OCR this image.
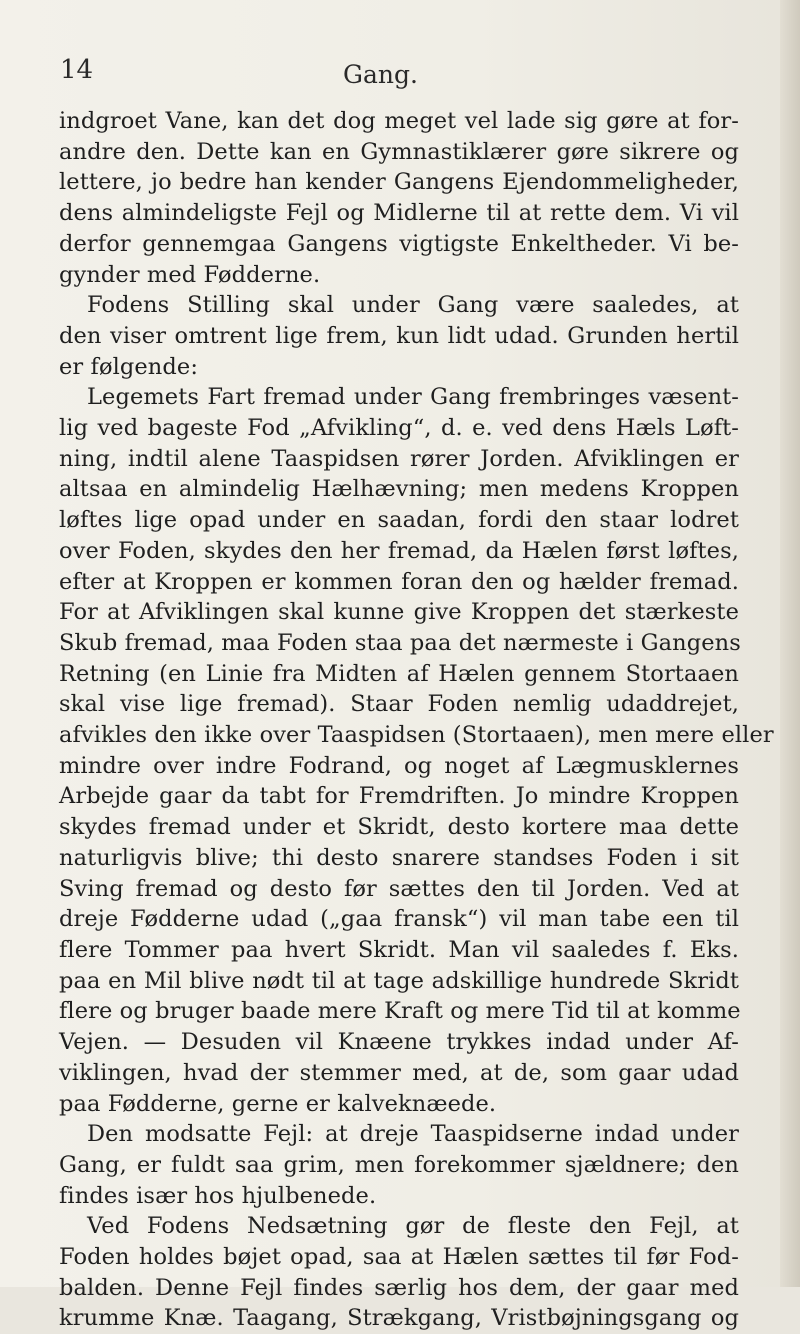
14	Gang.
indgroet Vane, kan det dog meget vel lade sig gøre at for-
andre den. Dette kan en Gymnastiklærer gøre sikrere og
lettere, jo bedre han kender Gangens Ejendommeligheder,
dens almindeligste Fejl og Midlerne til at rette dem. Vi vil
derfor gennemgaa Gangens vigtigste Enkeltheder. Vi be-
gynder med Fødderne.
Fodens Stilling skal under Gang være saaledes, at
den viser omtrent lige frem, kun lidt udad. Grunden hertil
er følgende:
Legemets Fart fremad under Gang frembringes væsent-
lig ved bageste Fod „Afvikling“, d. e. ved dens Hæls Løft-
ning, indtil alene Taaspidsen rører Jorden. Afviklingen er
altsaa en almindelig Hælhævning; men medens Kroppen
løftes lige opad under en saadan, fordi den staar lodret
over Foden, skydes den her fremad, da Hælen først løftes,
efter at Kroppen er kommen foran den og hælder fremad.
For at Afviklingen skal kunne give Kroppen det stærkeste
Skub fremad, maa Foden staa paa det nærmeste i Gangens
Retning (en Linie fra Midten af Hælen gennem Stortaaen
skal vise lige fremad). Staar Foden nemlig udaddrejet,
afvikles den ikke over Taaspidsen (Stortaaen), men mere eller
mindre over indre Fodrand, og noget af Lægmusklernes
Arbejde gaar da tabt for Fremdriften. Jo mindre Kroppen
skydes fremad under et Skridt, desto kortere maa dette
naturligvis blive; thi desto snarere standses Foden i sit
Sving fremad og desto før sættes den til Jorden. Ved at
dreje Fødderne udad („gaa fransk“) vil man tabe een til
flere Tommer paa hvert Skridt. Man vil saaledes f. Eks.
paa en Mil blive nødt til at tage adskillige hundrede Skridt
flere og bruger baade mere Kraft og mere Tid til at komme
Vejen. — Desuden vil Knæene trykkes indad under Af-
viklingen, hvad der stemmer med, at de, som gaar udad
paa Fødderne, gerne er kalveknæede.
Den modsatte Fejl: at dreje Taaspidserne indad under
Gang, er fuldt saa grim, men forekommer sjældnere; den
findes især hos hjulbenede.
Ved Fodens Nedsætning gør de fleste den Fejl, at
Foden holdes bøjet opad, saa at Hælen sættes til før Fod-
balden. Denne Fejl findes særlig hos dem, der gaar med
krumme Knæ. Taagang, Strækgang, Vristbøjningsgang og
